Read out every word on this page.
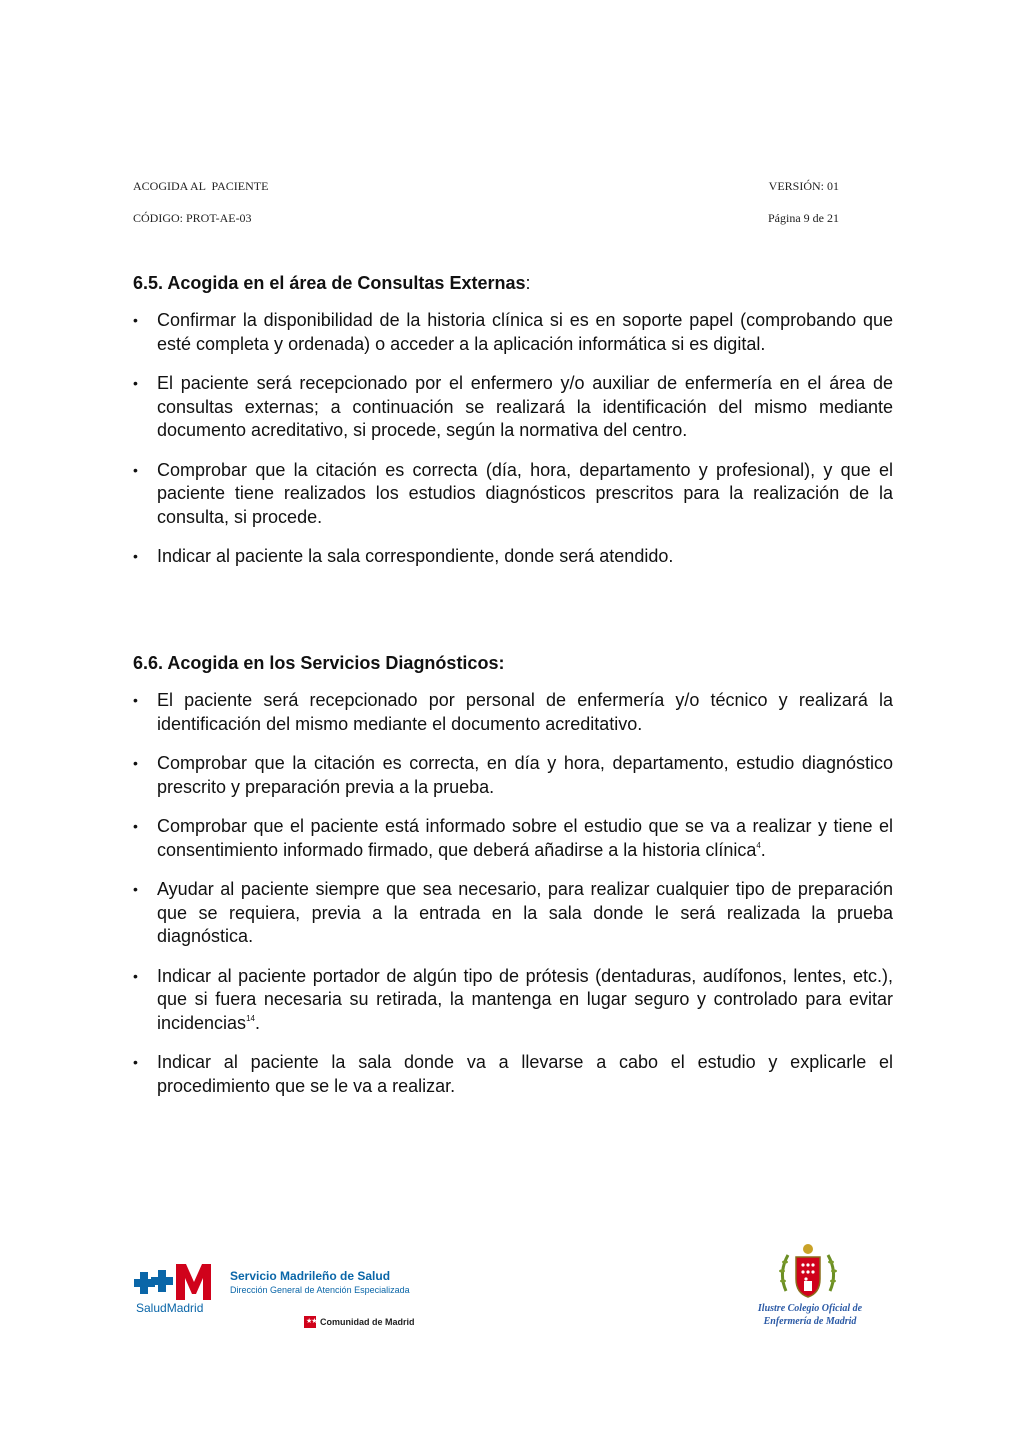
ACOGIDA AL  PACIENTE	VERSIÓN: 01
CÓDIGO: PROT-AE-03	Página 9 de 21
6.5. Acogida en el área de Consultas Externas:
• Confirmar la disponibilidad de la historia clínica si es en soporte papel (comprobando que esté completa y ordenada) o acceder a la aplicación informática si es digital.
• El paciente será recepcionado por el enfermero y/o auxiliar de enfermería en el área de consultas externas; a continuación se realizará la identificación del mismo mediante documento acreditativo, si procede, según la normativa del centro.
• Comprobar que la citación es correcta (día, hora, departamento y profesional), y que el paciente tiene realizados los estudios diagnósticos prescritos para la realización de la consulta, si procede.
• Indicar al paciente la sala correspondiente, donde será atendido.
6.6. Acogida en los Servicios Diagnósticos:
• El paciente será recepcionado por personal de enfermería y/o técnico y realizará la identificación del mismo mediante el documento acreditativo.
• Comprobar que la citación es correcta, en día y hora, departamento, estudio diagnóstico prescrito y preparación previa a la prueba.
• Comprobar que el paciente está informado sobre el estudio que se va a realizar y tiene el consentimiento informado firmado, que deberá añadirse a la historia clínica$^4$.
• Ayudar al paciente siempre que sea necesario, para realizar cualquier tipo de preparación que se requiera, previa a la entrada en la sala donde le será realizada la prueba diagnóstica.
• Indicar al paciente portador de algún tipo de prótesis (dentaduras, audífonos, lentes, etc.), que si fuera necesaria su retirada, la mantenga en lugar seguro y controlado para evitar incidencias$^{14}$.
• Indicar al paciente la sala donde va a llevarse a cabo el estudio y explicarle el procedimiento que se le va a realizar.
SaludMadrid
Servicio Madrileño de Salud
Dirección General de Atención Especializada
★★ Comunidad de Madrid
Ilustre Colegio Oficial de
Enfermería de Madrid
